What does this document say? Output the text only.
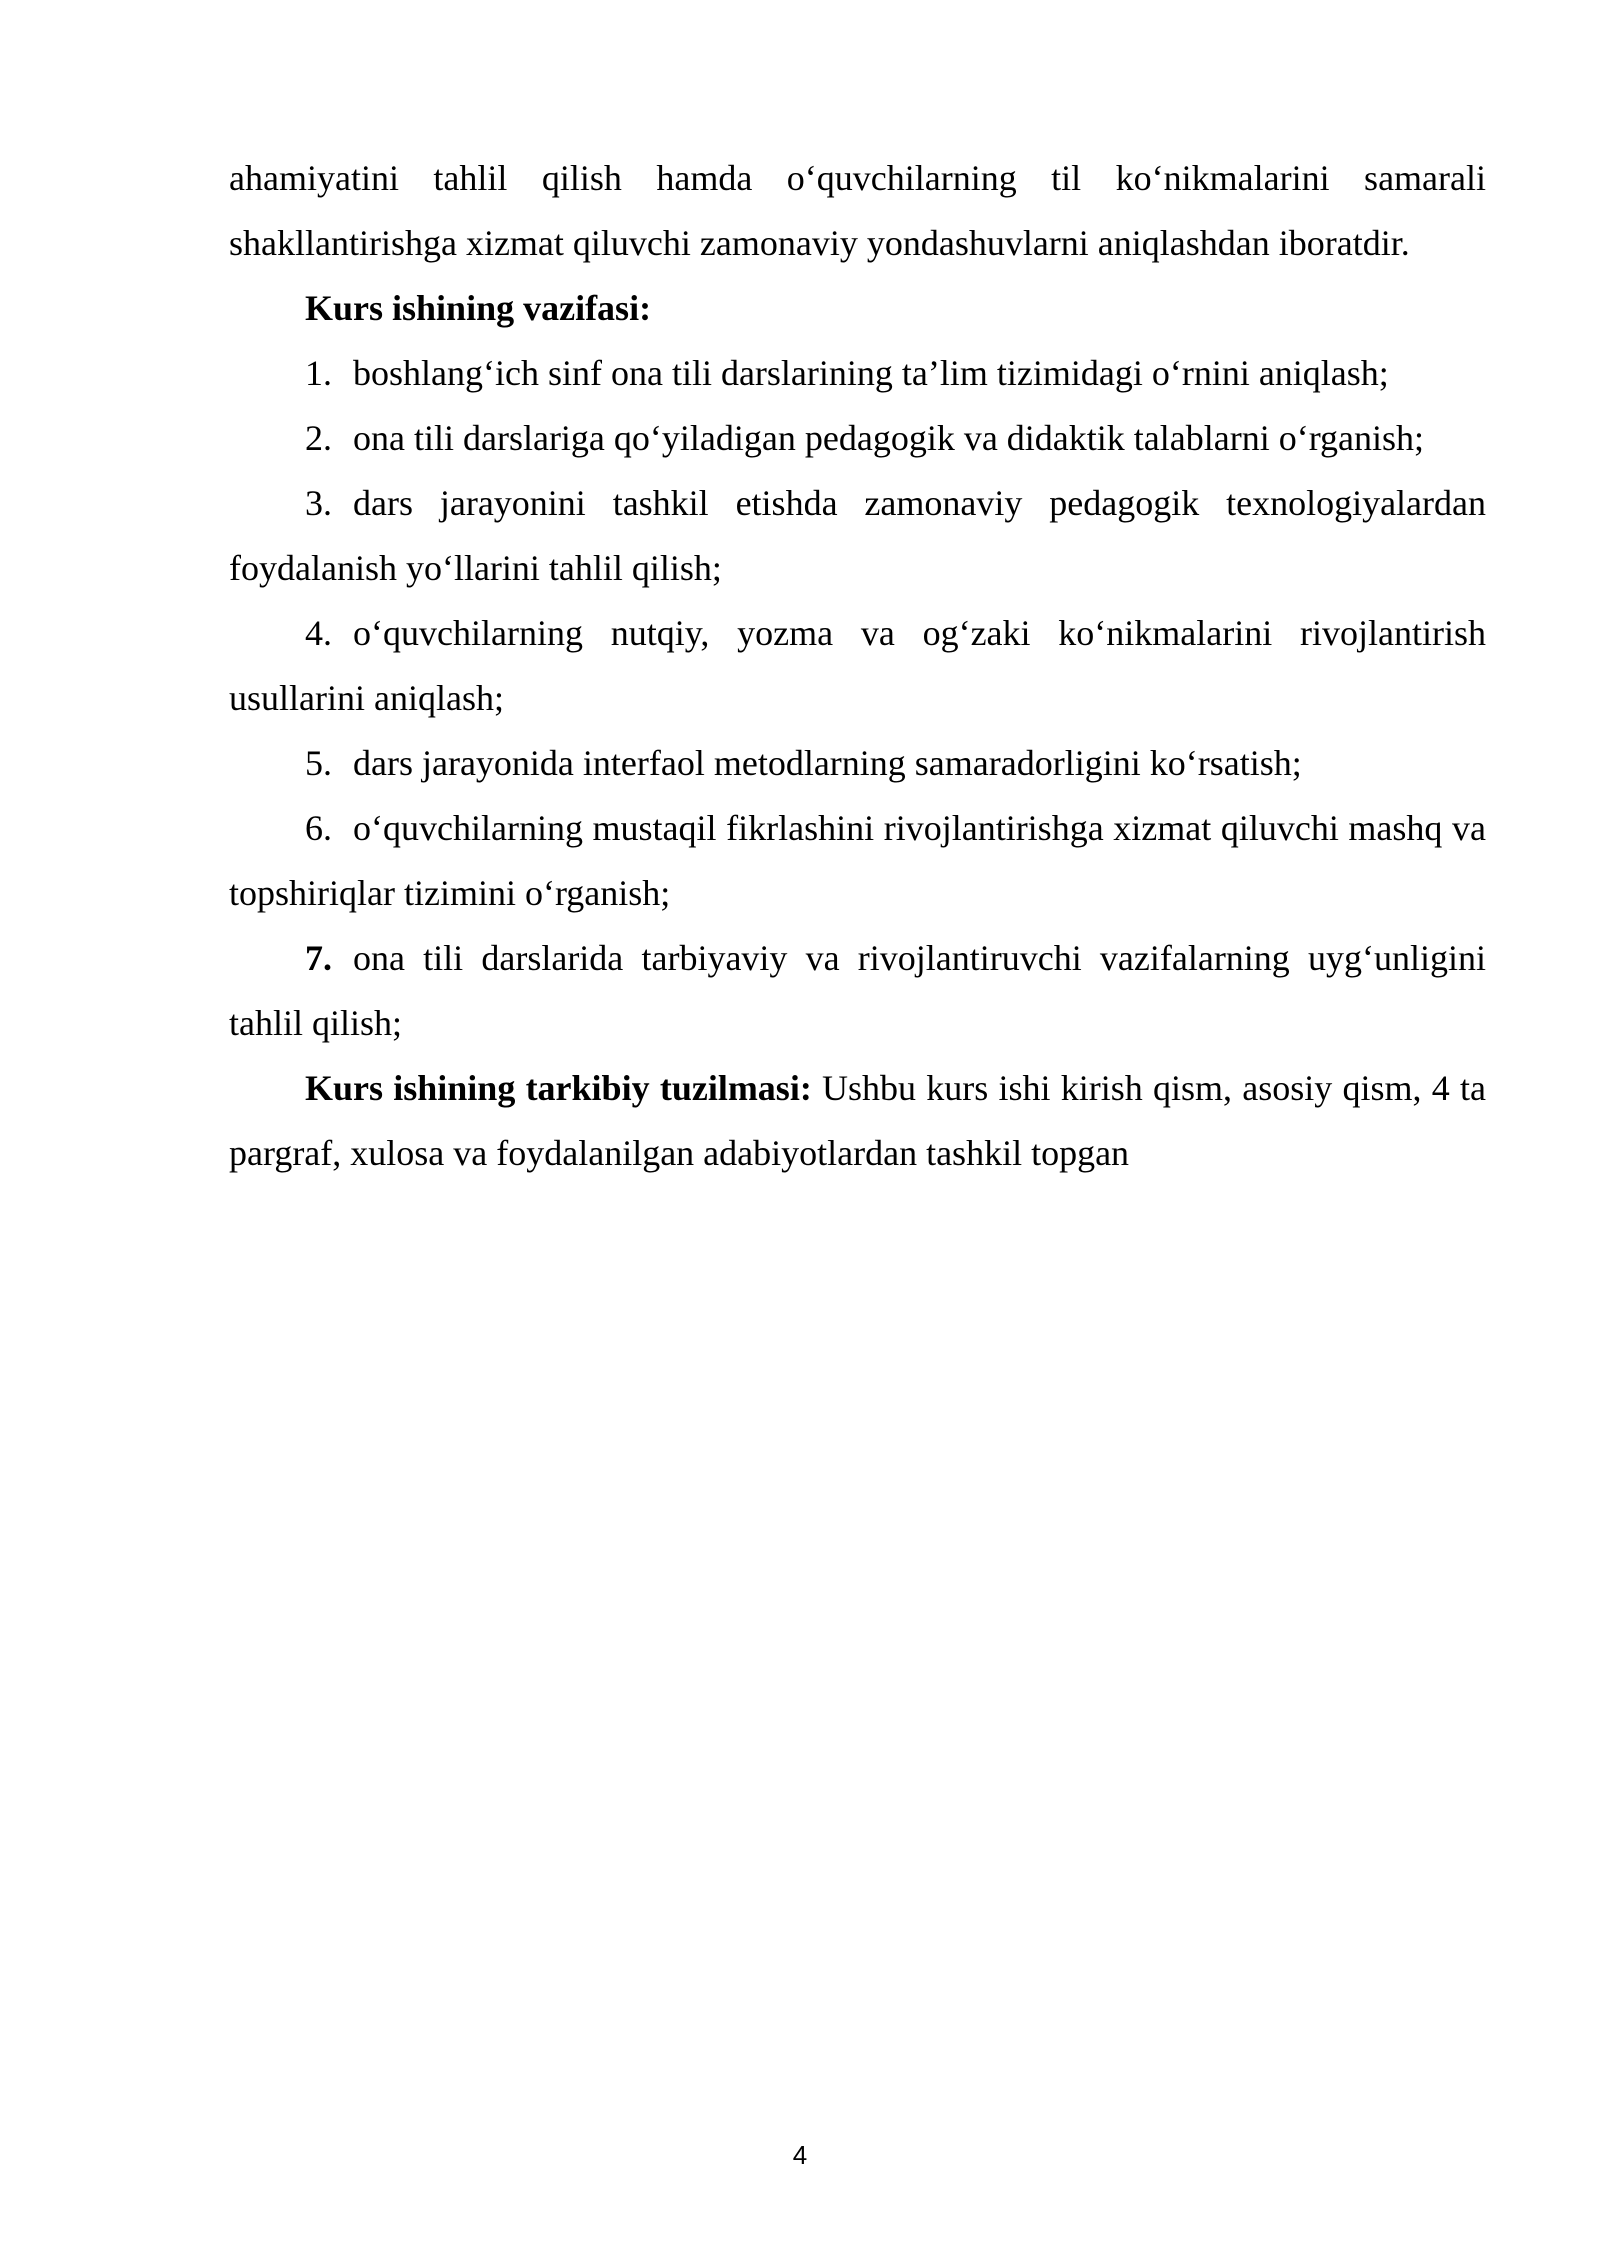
ahamiyatini tahlil qilish hamda o‘quvchilarning til ko‘nikmalarini samarali shakllantirishga xizmat qiluvchi zamonaviy yondashuvlarni aniqlashdan iboratdir.

Kurs ishining vazifasi:

1. boshlang‘ich sinf ona tili darslarining ta’lim tizimidagi o‘rnini aniqlash;

2. ona tili darslariga qo‘yiladigan pedagogik va didaktik talablarni o‘rganish;

3. dars jarayonini tashkil etishda zamonaviy pedagogik texnologiyalardan foydalanish yo‘llarini tahlil qilish;

4. o‘quvchilarning nutqiy, yozma va og‘zaki ko‘nikmalarini rivojlantirish usullarini aniqlash;

5. dars jarayonida interfaol metodlarning samaradorligini ko‘rsatish;

6. o‘quvchilarning mustaqil fikrlashini rivojlantirishga xizmat qiluvchi mashq va topshiriqlar tizimini o‘rganish;

7. ona tili darslarida tarbiyaviy va rivojlantiruvchi vazifalarning uyg‘unligini tahlil qilish;

Kurs ishining tarkibiy tuzilmasi: Ushbu kurs ishi kirish qism, asosiy qism, 4 ta pargraf, xulosa va foydalanilgan adabiyotlardan tashkil topgan

4
